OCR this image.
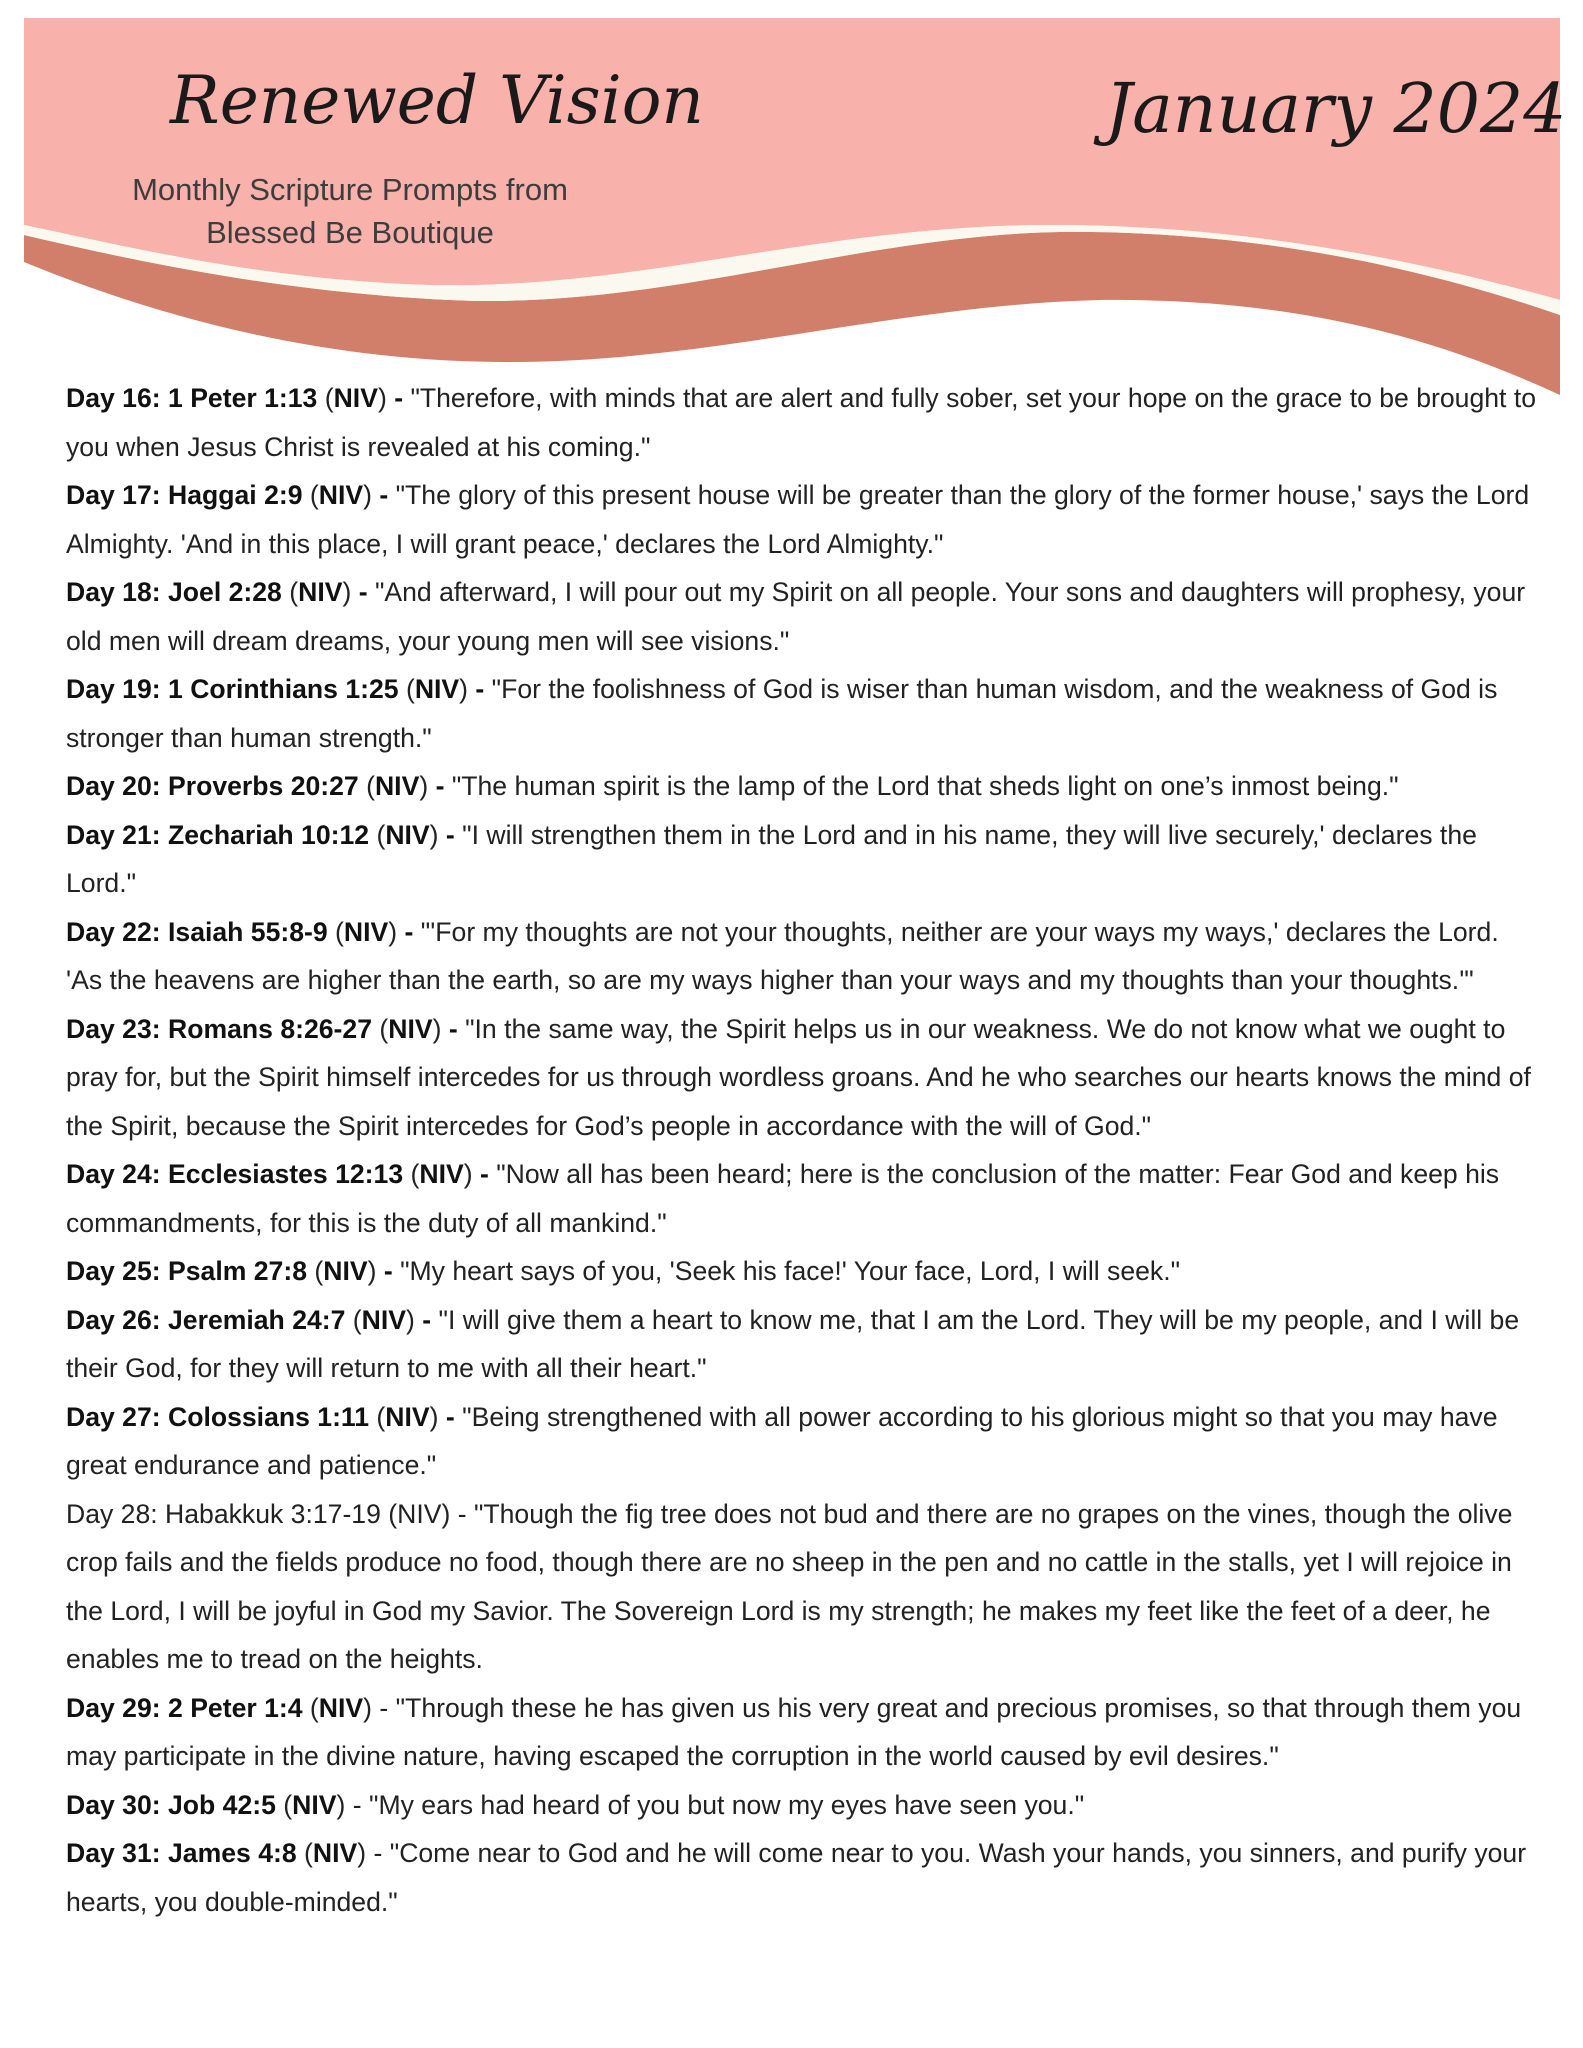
Renewed Vision
Monthly Scripture Prompts from
Blessed Be Boutique
January 2024

Day 16: 1 Peter 1:13 (NIV) - "Therefore, with minds that are alert and fully sober, set your hope on the grace to be brought to you when Jesus Christ is revealed at his coming."

Day 17: Haggai 2:9 (NIV) - "The glory of this present house will be greater than the glory of the former house,' says the Lord Almighty. 'And in this place, I will grant peace,' declares the Lord Almighty."

Day 18: Joel 2:28 (NIV) - "And afterward, I will pour out my Spirit on all people. Your sons and daughters will prophesy, your old men will dream dreams, your young men will see visions."

Day 19: 1 Corinthians 1:25 (NIV) - "For the foolishness of God is wiser than human wisdom, and the weakness of God is stronger than human strength."

Day 20: Proverbs 20:27 (NIV) - "The human spirit is the lamp of the Lord that sheds light on one’s inmost being."

Day 21: Zechariah 10:12 (NIV) - "I will strengthen them in the Lord and in his name, they will live securely,' declares the Lord."

Day 22: Isaiah 55:8-9 (NIV) - "'For my thoughts are not your thoughts, neither are your ways my ways,' declares the Lord. 'As the heavens are higher than the earth, so are my ways higher than your ways and my thoughts than your thoughts.'"

Day 23: Romans 8:26-27 (NIV) - "In the same way, the Spirit helps us in our weakness. We do not know what we ought to pray for, but the Spirit himself intercedes for us through wordless groans. And he who searches our hearts knows the mind of the Spirit, because the Spirit intercedes for God’s people in accordance with the will of God."

Day 24: Ecclesiastes 12:13 (NIV) - "Now all has been heard; here is the conclusion of the matter: Fear God and keep his commandments, for this is the duty of all mankind."

Day 25: Psalm 27:8 (NIV) - "My heart says of you, 'Seek his face!' Your face, Lord, I will seek."

Day 26: Jeremiah 24:7 (NIV) - "I will give them a heart to know me, that I am the Lord. They will be my people, and I will be their God, for they will return to me with all their heart."

Day 27: Colossians 1:11 (NIV) - "Being strengthened with all power according to his glorious might so that you may have great endurance and patience."

Day 28: Habakkuk 3:17-19 (NIV) - "Though the fig tree does not bud and there are no grapes on the vines, though the olive crop fails and the fields produce no food, though there are no sheep in the pen and no cattle in the stalls, yet I will rejoice in the Lord, I will be joyful in God my Savior. The Sovereign Lord is my strength; he makes my feet like the feet of a deer, he enables me to tread on the heights.

Day 29: 2 Peter 1:4 (NIV) - "Through these he has given us his very great and precious promises, so that through them you may participate in the divine nature, having escaped the corruption in the world caused by evil desires."

Day 30: Job 42:5 (NIV) - "My ears had heard of you but now my eyes have seen you."

Day 31: James 4:8 (NIV) - "Come near to God and he will come near to you. Wash your hands, you sinners, and purify your hearts, you double-minded."
